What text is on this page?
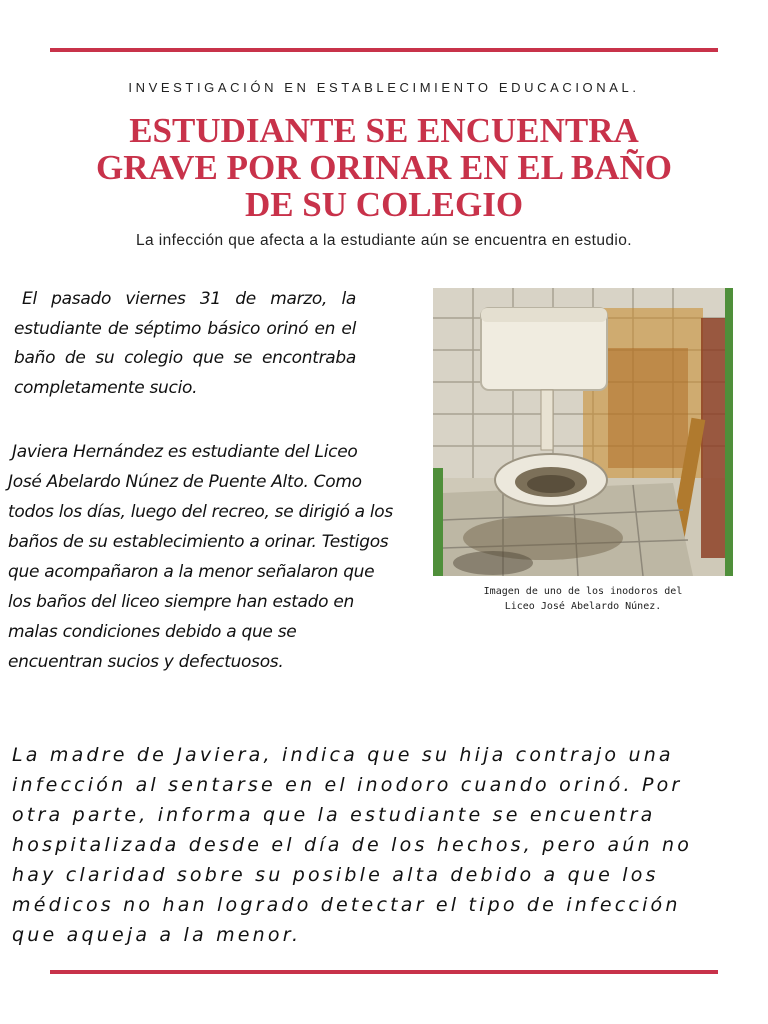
INVESTIGACIÓN EN ESTABLECIMIENTO EDUCACIONAL.
ESTUDIANTE SE ENCUENTRA
GRAVE POR ORINAR EN EL BAÑO
DE SU COLEGIO
La infección que afecta a la estudiante aún se encuentra en estudio.

El pasado viernes 31 de marzo, la estudiante de séptimo básico orinó en el baño de su colegio que se encontraba completamente sucio.

Javiera Hernández es estudiante del Liceo José Abelardo Núnez de Puente Alto. Como todos los días, luego del recreo, se dirigió a los baños de su establecimiento a orinar. Testigos que acompañaron a la menor señalaron que los baños del liceo siempre han estado en malas condiciones debido a que se encuentran sucios y defectuosos.

Imagen de uno de los inodoros del
Liceo José Abelardo Núnez.

La madre de Javiera, indica que su hija contrajo una infección al sentarse en el inodoro cuando orinó. Por otra parte, informa que la estudiante se encuentra hospitalizada desde el día de los hechos, pero aún no hay claridad sobre su posible alta debido a que los médicos no han logrado detectar el tipo de infección que aqueja a la menor.
